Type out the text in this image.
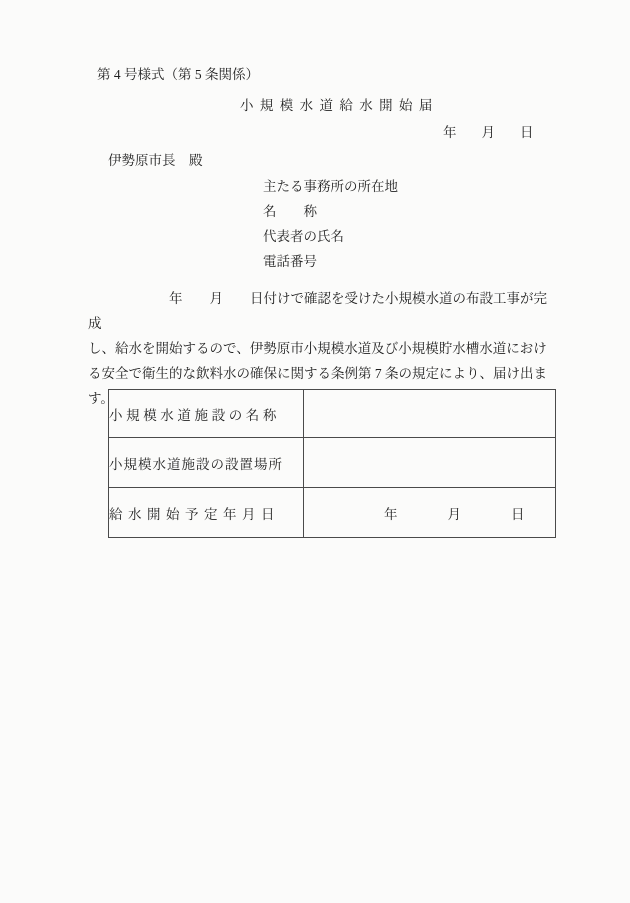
第 4 号様式（第 5 条関係）
小 規 模 水 道 給 水 開 始 届
年 月 日
伊勢原市長　殿
主たる事務所の所在地
名　　称
代表者の氏名
電話番号
　　　　　　年　　月　　日付けで確認を受けた小規模水道の布設工事が完成
し、給水を開始するので、伊勢原市小規模水道及び小規模貯水槽水道におけ
る安全で衛生的な飲料水の確保に関する条例第 7 条の規定により、届け出ま
す。
小規模水道施設の名称	
小規模水道施設の設置場所	
給水開始予定年月日	年 月 日
